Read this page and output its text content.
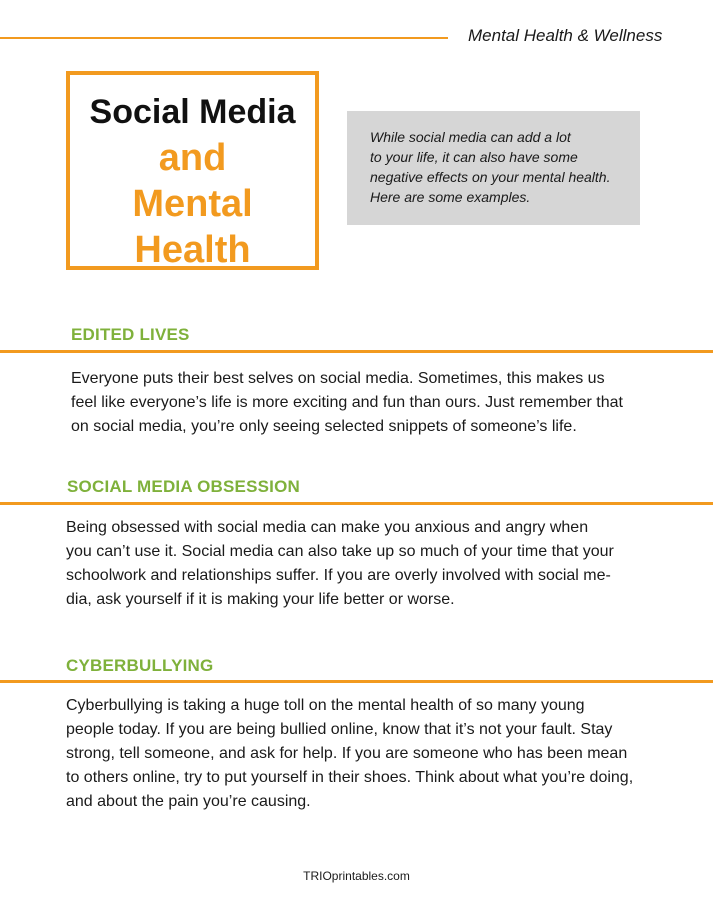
Mental Health & Wellness
Social Media
and
Mental
Health
While social media can add a lot
to your life, it can also have some
negative effects on your mental health.
Here are some examples.
EDITED LIVES
Everyone puts their best selves on social media. Sometimes, this makes us
feel like everyone’s life is more exciting and fun than ours. Just remember that
on social media, you’re only seeing selected snippets of someone’s life.
SOCIAL MEDIA OBSESSION
Being obsessed with social media can make you anxious and angry when
you can’t use it. Social media can also take up so much of your time that your
schoolwork and relationships suffer. If you are overly involved with social me-
dia, ask yourself if it is making your life better or worse.
CYBERBULLYING
Cyberbullying is taking a huge toll on the mental health of so many young
people today. If you are being bullied online, know that it’s not your fault. Stay
strong, tell someone, and ask for help. If you are someone who has been mean
to others online, try to put yourself in their shoes. Think about what you’re doing,
and about the pain you’re causing.
TRIOprintables.com
